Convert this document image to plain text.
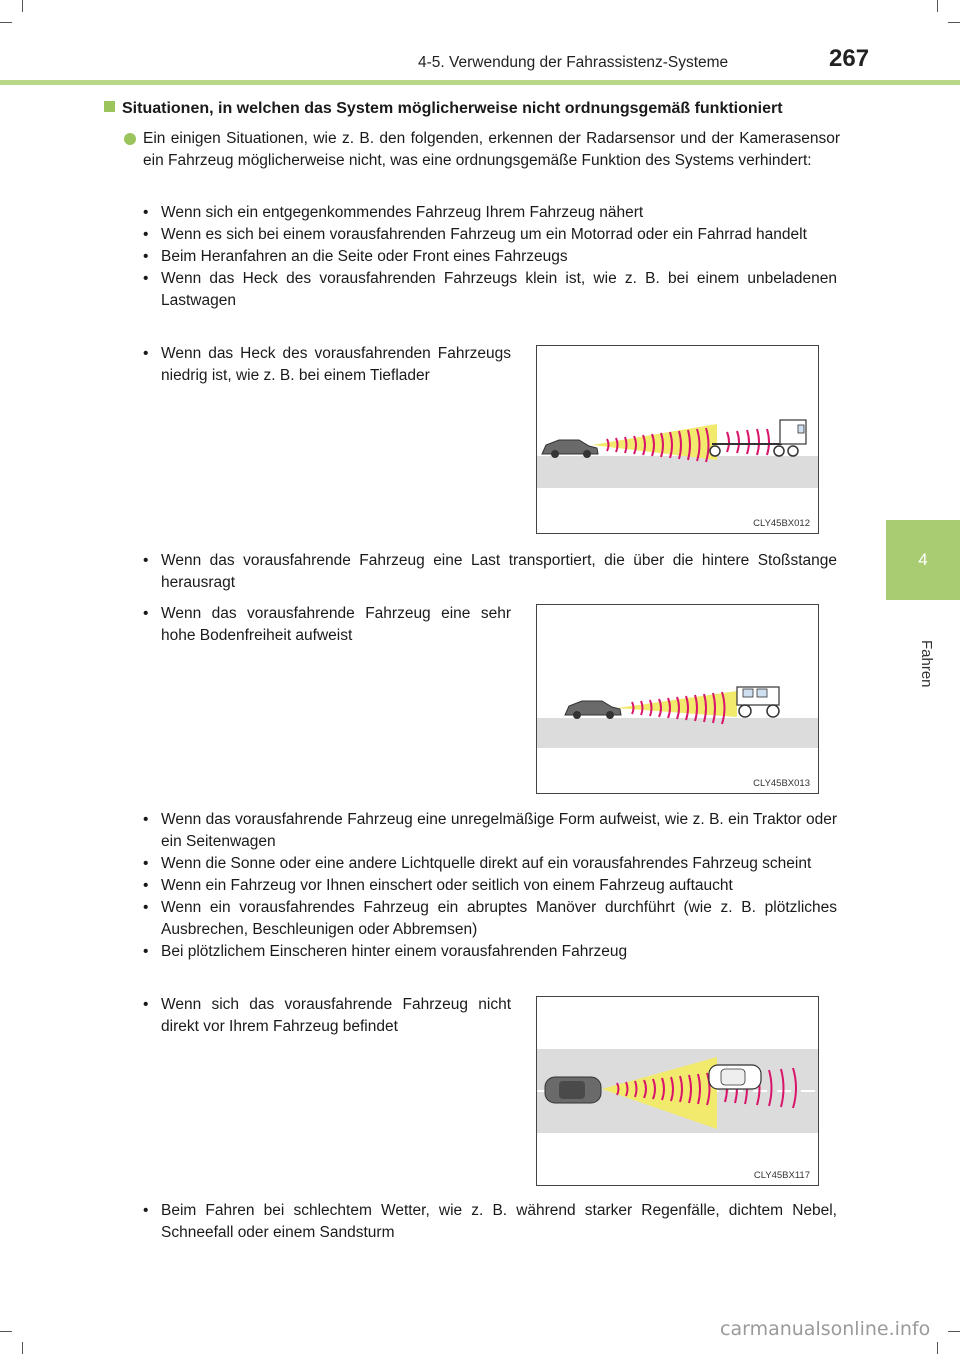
4-5. Verwendung der Fahrassistenz-Systeme	267
4
Fahren
Situationen, in welchen das System möglicherweise nicht ordnungsgemäß funktioniert
Ein einigen Situationen, wie z. B. den folgenden, erkennen der Radarsensor und der Kamerasensor ein Fahrzeug möglicherweise nicht, was eine ordnungsgemäße Funktion des Systems verhindert:
• Wenn sich ein entgegenkommendes Fahrzeug Ihrem Fahrzeug nähert
• Wenn es sich bei einem vorausfahrenden Fahrzeug um ein Motorrad oder ein Fahrrad handelt
• Beim Heranfahren an die Seite oder Front eines Fahrzeugs
• Wenn das Heck des vorausfahrenden Fahrzeugs klein ist, wie z. B. bei einem unbeladenen Lastwagen
• Wenn das Heck des vorausfahrenden Fahrzeugs niedrig ist, wie z. B. bei einem Tieflader
CLY45BX012
• Wenn das vorausfahrende Fahrzeug eine Last transportiert, die über die hintere Stoßstange herausragt
• Wenn das vorausfahrende Fahrzeug eine sehr hohe Bodenfreiheit aufweist
CLY45BX013
• Wenn das vorausfahrende Fahrzeug eine unregelmäßige Form aufweist, wie z. B. ein Traktor oder ein Seitenwagen
• Wenn die Sonne oder eine andere Lichtquelle direkt auf ein vorausfahrendes Fahrzeug scheint
• Wenn ein Fahrzeug vor Ihnen einschert oder seitlich von einem Fahrzeug auftaucht
• Wenn ein vorausfahrendes Fahrzeug ein abruptes Manöver durchführt (wie z. B. plötzliches Ausbrechen, Beschleunigen oder Abbremsen)
• Bei plötzlichem Einscheren hinter einem vorausfahrenden Fahrzeug
• Wenn sich das vorausfahrende Fahrzeug nicht direkt vor Ihrem Fahrzeug befindet
CLY45BX117
• Beim Fahren bei schlechtem Wetter, wie z. B. während starker Regenfälle, dichtem Nebel, Schneefall oder einem Sandsturm
carmanualsonline.info
